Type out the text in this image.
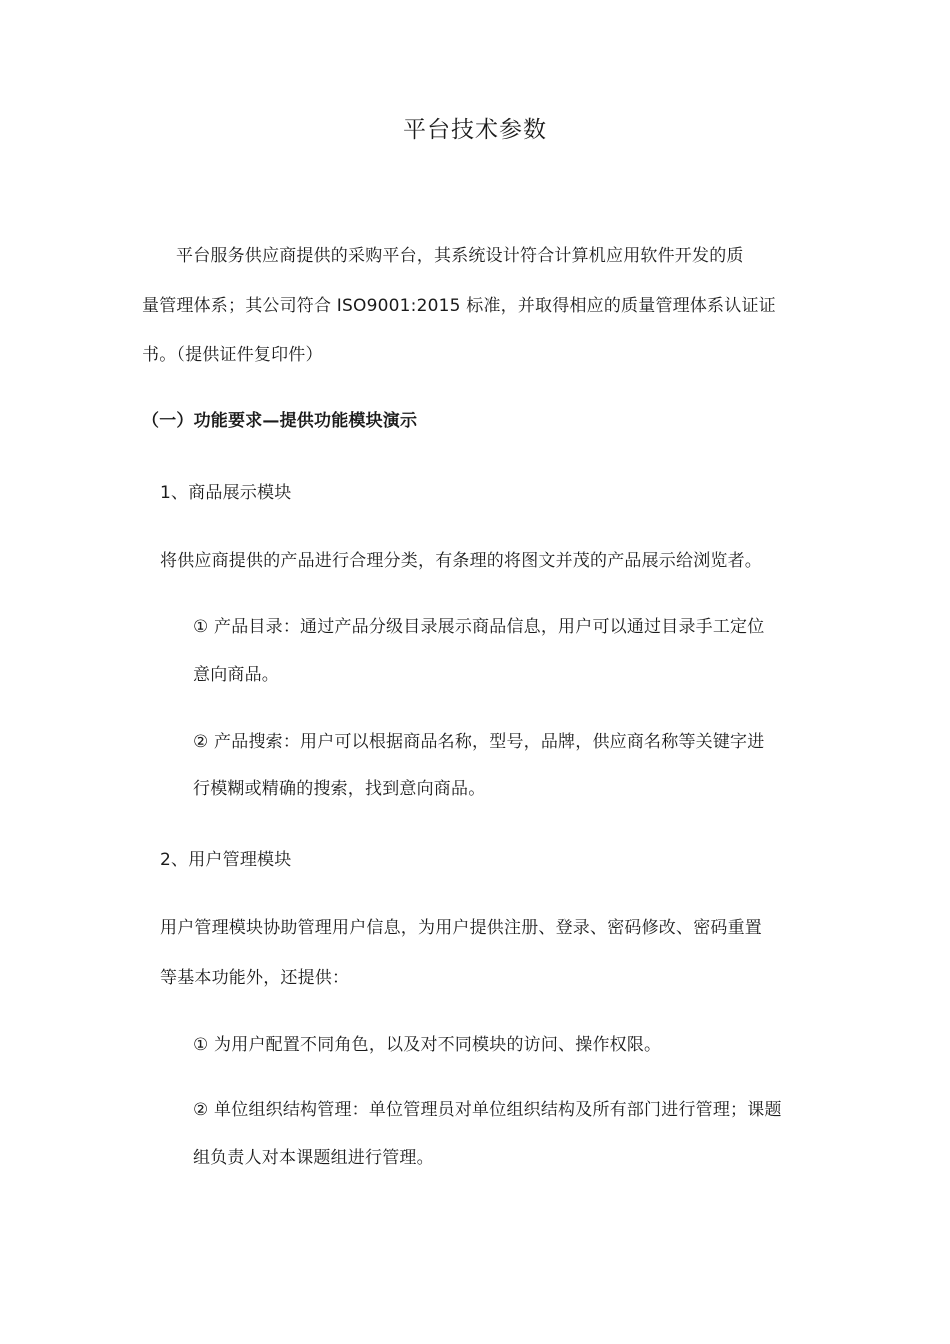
平台技术参数
平台服务供应商提供的采购平台，其系统设计符合计算机应用软件开发的质
量管理体系；其公司符合 ISO9001:2015 标准，并取得相应的质量管理体系认证证
书。（提供证件复印件）
（一）功能要求—提供功能模块演示
1、商品展示模块
将供应商提供的产品进行合理分类，有条理的将图文并茂的产品展示给浏览者。
① 产品目录：通过产品分级目录展示商品信息，用户可以通过目录手工定位
意向商品。
② 产品搜索：用户可以根据商品名称，型号，品牌，供应商名称等关键字进
行模糊或精确的搜索，找到意向商品。
2、用户管理模块
用户管理模块协助管理用户信息，为用户提供注册、登录、密码修改、密码重置
等基本功能外，还提供：
① 为用户配置不同角色，以及对不同模块的访问、操作权限。
② 单位组织结构管理：单位管理员对单位组织结构及所有部门进行管理；课题
组负责人对本课题组进行管理。
